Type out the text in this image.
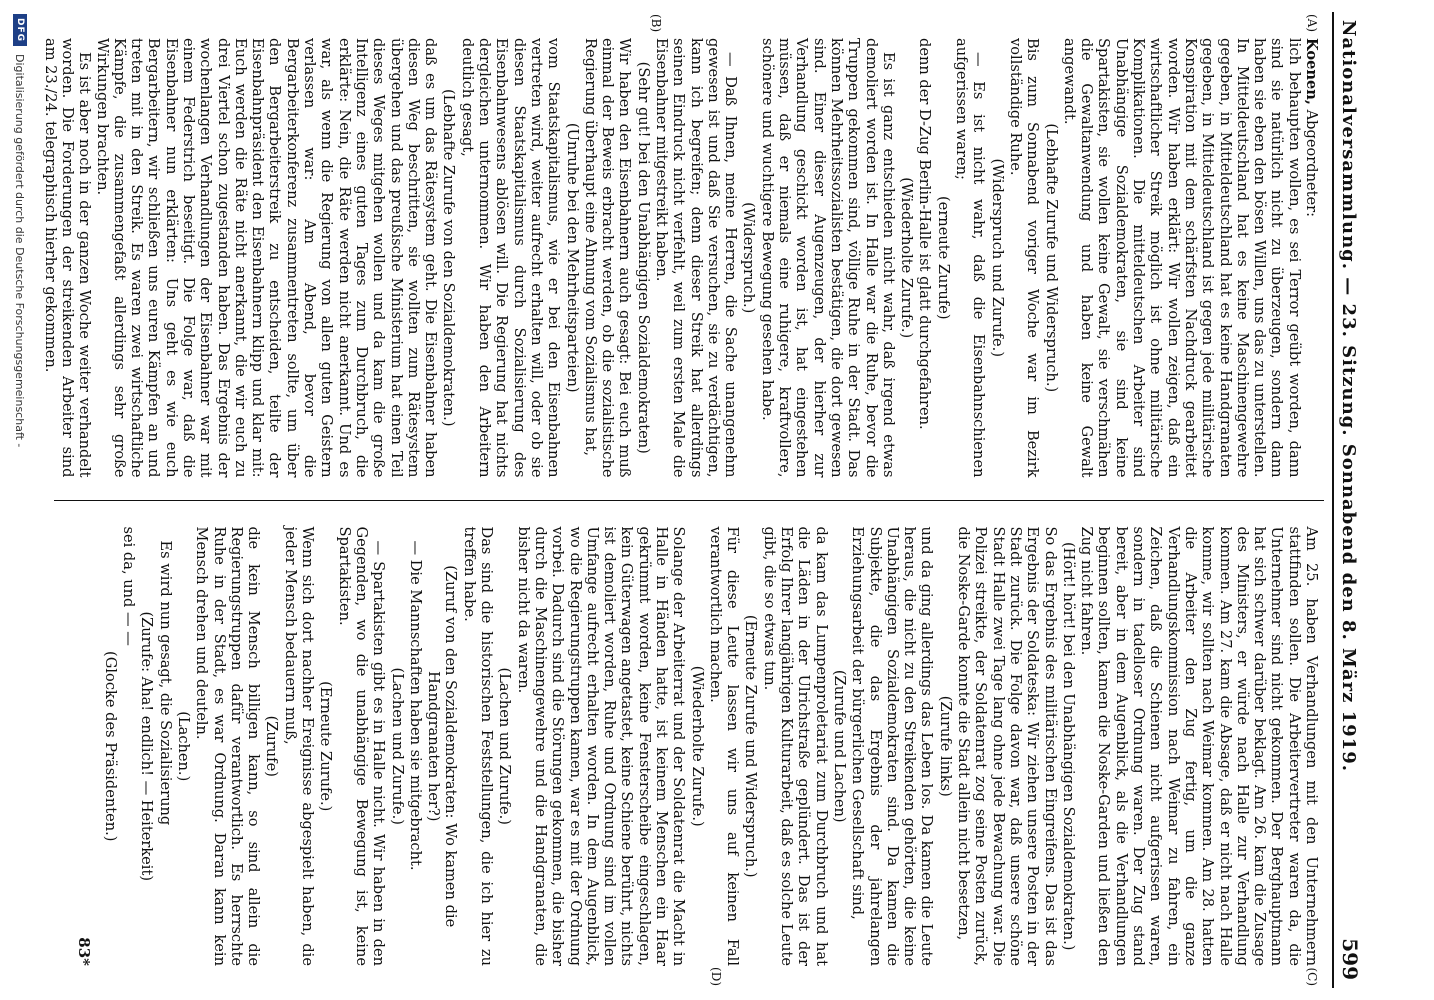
DFG
Digitalisierung gefördert durch die Deutsche Forschungsgemeinschaft -	Nationalversammlung. — 23. Sitzung. Sonnabend den 8. März 1919.
599
(A)
(B)

Koenen, Abgeordneter:

lich behaupten wollen, es sei Terror geübt worden, dann sind sie natürlich nicht zu überzeugen, sondern dann haben sie eben den bösen Willen, uns das zu unterstellen. In Mitteldeutschland hat es keine Maschinengewehre gegeben, in Mitteldeutschland hat es keine Handgranaten gegeben, in Mitteldeutschland ist gegen jede militärische Konspiration mit dem schärfsten Nachdruck gearbeitet worden. Wir haben erklärt: Wir wollen zeigen, daß ein wirtschaftlicher Streik möglich ist ohne militärische Komplikationen. Die mitteldeutschen Arbeiter sind Unabhängige Sozialdemokraten, sie sind keine Spartakisten, sie wollen keine Gewalt, sie verschmähen die Gewaltanwendung und haben keine Gewalt angewandt.

(Lebhafte Zurufe und Widerspruch.)

Bis zum Sonnabend voriger Woche war im Bezirk vollständige Ruhe.

(Widerspruch und Zurufe.)

— Es ist nicht wahr, daß die Eisenbahnschienen aufgerissen waren;

(erneute Zurufe)

denn der D-Zug Berlin-Halle ist glatt durchgefahren.

(Wiederholte Zurufe.)

Es ist ganz entschieden nicht wahr, daß irgend etwas demoliert worden ist. In Halle war die Ruhe, bevor die Truppen gekommen sind, völlige Ruhe in der Stadt. Das können Mehrheitssozialisten bestätigen, die dort gewesen sind. Einer dieser Augenzeugen, der hierher zur Verhandlung geschickt worden ist, hat eingestehen müssen, daß er niemals eine ruhigere, kraftvollere, schönere und wuchtigere Bewegung gesehen habe.

(Widerspruch.)

— Daß Ihnen, meine Herren, die Sache unangenehm gewesen ist und daß Sie versuchen, sie zu verdächtigen, kann ich begreifen; denn dieser Streik hat allerdings seinen Eindruck nicht verfehlt, weil zum ersten Male die Eisenbahner mitgestreikt haben.

(Sehr gut! bei den Unabhängigen Sozialdemokraten)

Wir haben den Eisenbahnern auch gesagt: Bei euch muß einmal der Beweis erbracht werden, ob die sozialistische Regierung überhaupt eine Ahnung vom Sozialismus hat,

(Unruhe bei den Mehrheitsparteien)

vom Staatskapitalismus, wie er bei den Eisenbahnen vertreten wird, weiter aufrecht erhalten will, oder ob sie diesen Staatskapitalismus durch Sozialisierung des Eisenbahnwesens ablösen will. Die Regierung hat nichts dergleichen unternommen. Wir haben den Arbeitern deutlich gesagt,

(Lebhafte Zurufe von den Sozialdemokraten.)

daß es um das Rätesystem geht. Die Eisenbahner haben diesen Weg beschritten, sie wollten zum Rätesystem übergehen und das preußische Ministerium hat einen Teil dieses Weges mitgehen wollen und da kam die große Intelligenz eines guten Tages zum Durchbruch, die erklärte: Nein, die Räte werden nicht anerkannt. Und es war, als wenn die Regierung von allen guten Geistern verlassen war: Am Abend, bevor die Bergarbeiterkonferenz zusammentreten sollte, um über den Bergarbeiterstreik zu entscheiden, teilte der Eisenbahnpräsident den Eisenbahnern klipp und klar mit: Euch werden die Räte nicht anerkannt, die wir euch zu drei Viertel schon zugestanden haben. Das Ergebnis der wochenlangen Verhandlungen der Eisenbahner war mit einem Federstrich beseitigt. Die Folge war, daß die Eisenbahner nun erklärten: Uns geht es wie euch Bergarbeitern, wir schließen uns euren Kämpfen an und treten mit in den Streik. Es waren zwei wirtschaftliche Kämpfe, die zusammengefaßt allerdings sehr große Wirkungen brachten.

Es ist aber noch in der ganzen Woche weiter verhandelt worden. Die Forderungen der streikenden Arbeiter sind am 23./24. telegraphisch hierher gekommen.

(C)
(D)

Am 25. haben Verhandlungen mit den Unternehmern stattfinden sollen. Die Arbeitervertreter waren da, die Unternehmer sind nicht gekommen. Der Berghauptmann hat sich schwer darüber beklagt. Am 26. kam die Zusage des Ministers, er würde nach Halle zur Verhandlung kommen. Am 27. kam die Absage, daß er nicht nach Halle komme, wir sollten nach Weimar kommen. Am 28. hatten die Arbeiter den Zug fertig, um die ganze Verhandlungskommission nach Weimar zu fahren, ein Zeichen, daß die Schienen nicht aufgerissen waren, sondern in tadelloser Ordnung waren. Der Zug stand bereit, aber in dem Augenblick, als die Verhandlungen beginnen sollten, kamen die Noske-Garden und ließen den Zug nicht fahren.

(Hört! hört! bei den Unabhängigen Sozialdemokraten.)

So das Ergebnis des militärischen Eingreifens. Das ist das Ergebnis der Soldateska: Wir ziehen unsere Posten in der Stadt zurück. Die Folge davon war, daß unsere schöne Stadt Halle zwei Tage lang ohne jede Bewachung war. Die Polizei streikte, der Soldatenrat zog seine Posten zurück, die Noske-Garde konnte die Stadt allein nicht besetzen,

(Zurufe links)

und da ging allerdings das Leben los. Da kamen die Leute heraus, die nicht zu den Streikenden gehörten, die keine Unabhängigen Sozialdemokraten sind. Da kamen die Subjekte, die das Ergebnis der jahrelangen Erziehungsarbeit der bürgerlichen Gesellschaft sind,

(Zurufe und Lachen)

da kam das Lumpenproletariat zum Durchbruch und hat die Läden in der Ulrichstraße geplündert. Das ist der Erfolg Ihrer langjährigen Kulturarbeit, daß es solche Leute gibt, die so etwas tun.

(Erneute Zurufe und Widerspruch.)

Für diese Leute lassen wir uns auf keinen Fall verantwortlich machen.

(Wiederholte Zurufe.)

Solange der Arbeiterrat und der Soldatenrat die Macht in Halle in Händen hatte, ist keinem Menschen ein Haar gekrümmt worden, keine Fensterscheibe eingeschlagen, kein Güterwagen angetastet, keine Schiene berührt, nichts ist demoliert worden, Ruhe und Ordnung sind im vollen Umfange aufrecht erhalten worden. In dem Augenblick, wo die Regierungstruppen kamen, war es mit der Ordnung vorbei. Dadurch sind die Störungen gekommen, die bisher durch die Maschinengewehre und die Handgranaten, die bisher nicht da waren.

(Lachen und Zurufe.)

Das sind die historischen Feststellungen, die ich hier zu treffen habe.

(Zuruf von den Sozialdemokraten: Wo kamen die Handgranaten her?)

— Die Mannschaften haben sie mitgebracht.

(Lachen und Zurufe.)

— Spartakisten gibt es in Halle nicht. Wir haben in den Gegenden, wo die unabhängige Bewegung ist, keine Spartakisten.

(Erneute Zurufe.)

Wenn sich dort nachher Ereignisse abgespielt haben, die jeder Mensch bedauern muß,

(Zurufe)

die kein Mensch billigen kann, so sind allein die Regierungstruppen dafür verantwortlich. Es herrschte Ruhe in der Stadt, es war Ordnung. Daran kann kein Mensch drehen und deuteln.

(Lachen.)

Es wird nun gesagt, die Sozialisierung

(Zurufe: Aha! endlich! — Heiterkeit)

sei da, und — —

(Glocke des Präsidenten.)

83*
